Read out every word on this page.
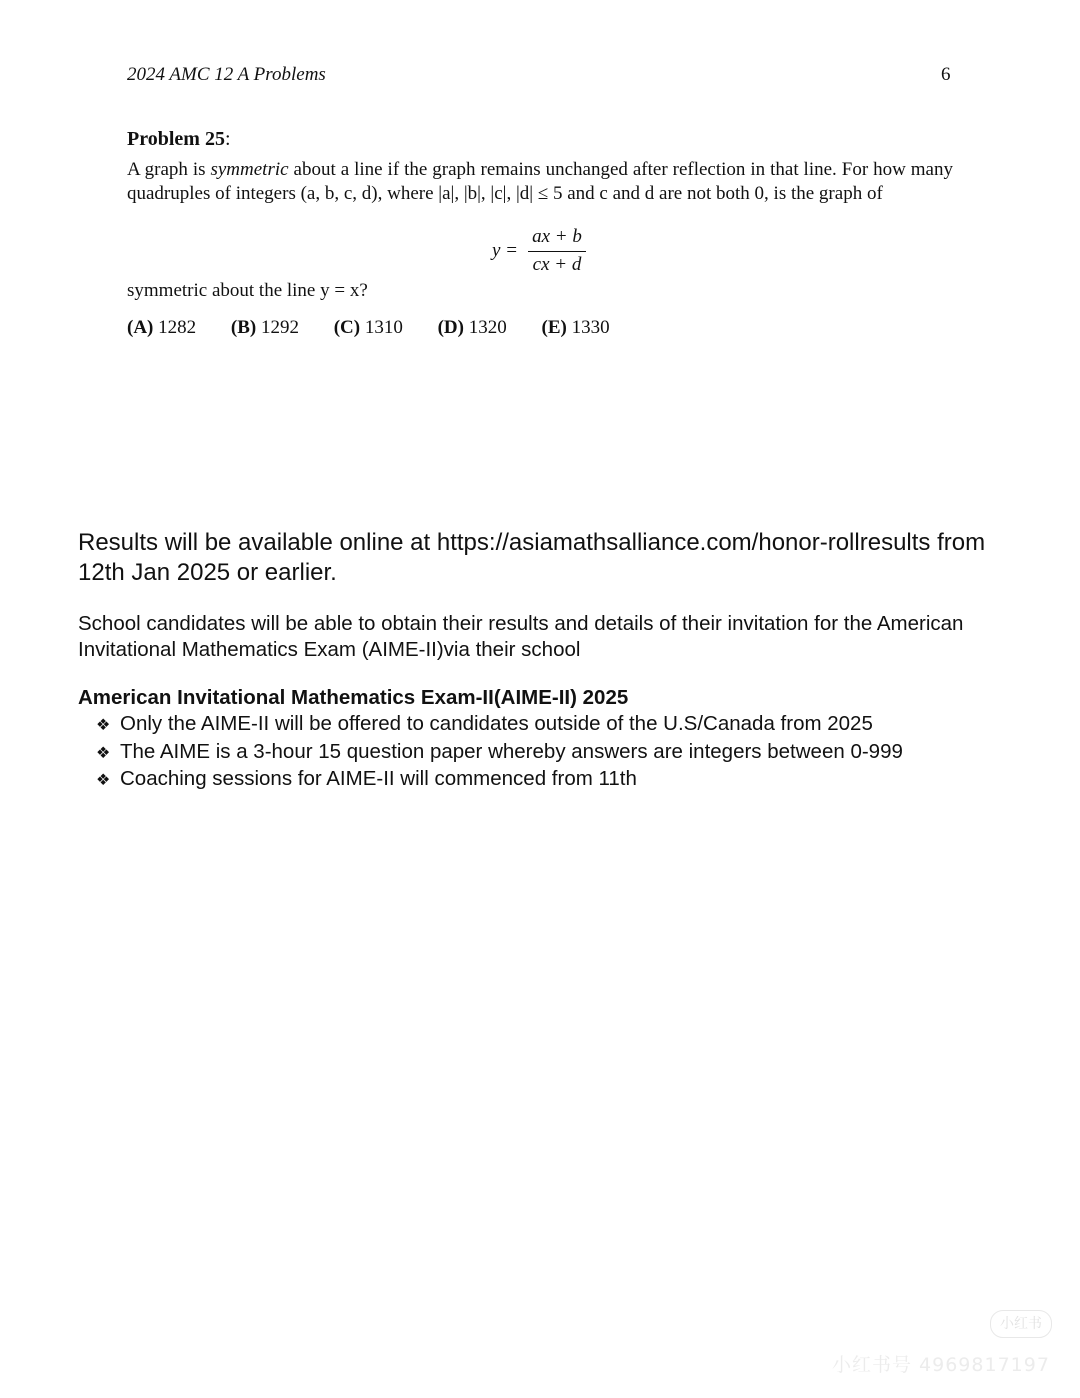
2024 AMC 12 A Problems	6
Problem 25:
A graph is symmetric about a line if the graph remains unchanged after reflection in that line. For how many quadruples of integers (a, b, c, d), where |a|, |b|, |c|, |d| ≤ 5 and c and d are not both 0, is the graph of
y =
ax + b
cx + d
symmetric about the line y = x?
(A) 1282 (B) 1292 (C) 1310 (D) 1320 (E) 1330
Results will be available online at https://asiamathsalliance.com/honor-rollresults from 12th Jan 2025 or earlier.
School candidates will be able to obtain their results and details of their invitation for the American Invitational Mathematics Exam (AIME-II)via their school
American Invitational Mathematics Exam-II(AIME-II) 2025
❖ Only the AIME-II will be offered to candidates outside of the U.S/Canada from 2025
❖ The AIME is a 3-hour 15 question paper whereby answers are integers between 0-999
❖ Coaching sessions for AIME-II will commenced from 11th
小红书
小红书号 4969817197
